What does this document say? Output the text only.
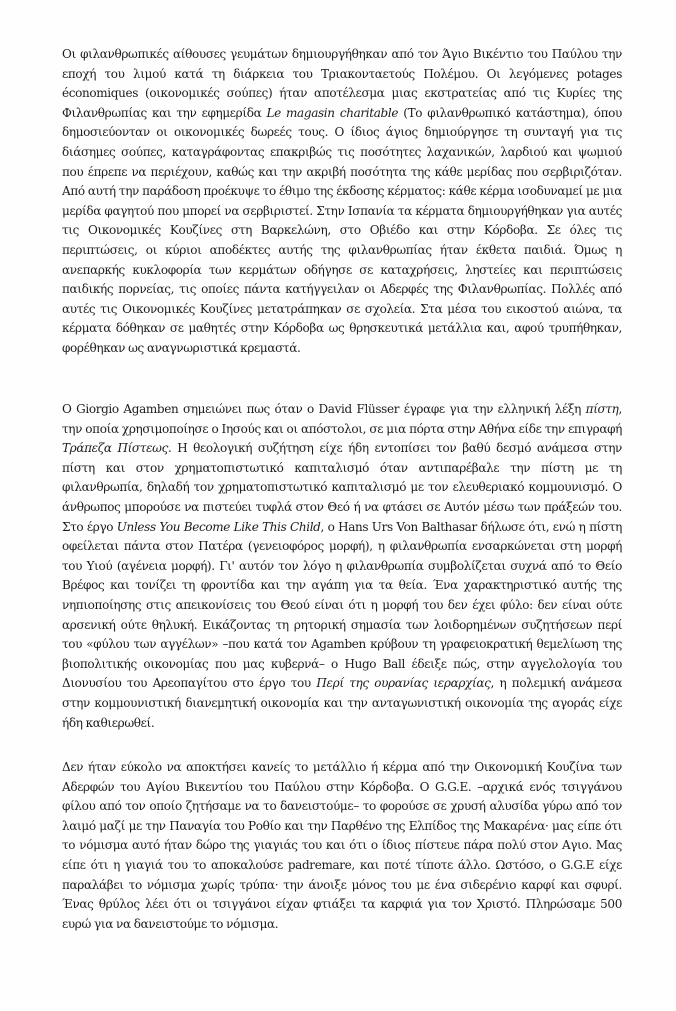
Οι φιλανθρωπικές αίθουσες γευμάτων δημιουργήθηκαν από τον Άγιο Βικέντιο του Παύλου την εποχή του λιμού κατά τη διάρκεια του Τριακονταετούς Πολέμου. Οι λεγόμενες potages économiques (οικονομικές σούπες) ήταν αποτέλεσμα μιας εκστρατείας από τις Κυρίες της Φιλανθρωπίας και την εφημερίδα Le magasin charitable (Το φιλανθρωπικό κατάστημα), όπου δημοσιεύονταν οι οικονομικές δωρεές τους. Ο ίδιος άγιος δημιούργησε τη συνταγή για τις διάσημες σούπες, καταγράφοντας επακριβώς τις ποσότητες λαχανικών, λαρδιού και ψωμιού που έπρεπε να περιέχουν, καθώς και την ακριβή ποσότητα της κάθε μερίδας που σερβιριζόταν. Από αυτή την παράδοση προέκυψε το έθιμο της έκδοσης κέρματος: κάθε κέρμα ισοδυναμεί με μια μερίδα φαγητού που μπορεί να σερβιριστεί. Στην Ισπανία τα κέρματα δημιουργήθηκαν για αυτές τις Οικονομικές Κουζίνες στη Βαρκελώνη, στο Οβιέδο και στην Κόρδοβα. Σε όλες τις περιπτώσεις, οι κύριοι αποδέκτες αυτής της φιλανθρωπίας ήταν έκθετα παιδιά. Όμως η ανεπαρκής κυκλοφορία των κερμάτων οδήγησε σε καταχρήσεις, ληστείες και περιπτώσεις παιδικής πορνείας, τις οποίες πάντα κατήγγειλαν οι Αδερφές της Φιλανθρωπίας. Πολλές από αυτές τις Οικονομικές Κουζίνες μετατράπηκαν σε σχολεία. Στα μέσα του εικοστού αιώνα, τα κέρματα δόθηκαν σε μαθητές στην Κόρδοβα ως θρησκευτικά μετάλλια και, αφού τρυπήθηκαν, φορέθηκαν ως αναγνωριστικά κρεμαστά.

Ο Giorgio Agamben σημειώνει πως όταν ο David Flüsser έγραφε για την ελληνική λέξη πίστη, την οποία χρησιμοποίησε ο Ιησούς και οι απόστολοι, σε μια πόρτα στην Αθήνα είδε την επιγραφή Τράπεζα Πίστεως. Η θεολογική συζήτηση είχε ήδη εντοπίσει τον βαθύ δεσμό ανάμεσα στην πίστη και στον χρηματοπιστωτικό καπιταλισμό όταν αντιπαρέβαλε την πίστη με τη φιλανθρωπία, δηλαδή τον χρηματοπιστωτικό καπιταλισμό με τον ελευθεριακό κομμουνισμό. Ο άνθρωπος μπορούσε να πιστεύει τυφλά στον Θεό ή να φτάσει σε Αυτόν μέσω των πράξεών του. Στο έργο Unless You Become Like This Child, ο Hans Urs Von Balthasar δήλωσε ότι, ενώ η πίστη οφείλεται πάντα στον Πατέρα (γενειοφόρος μορφή), η φιλανθρωπία ενσαρκώνεται στη μορφή του Υιού (αγένεια μορφή). Γι' αυτόν τον λόγο η φιλανθρωπία συμβολίζεται συχνά από το Θείο Βρέφος και τονίζει τη φροντίδα και την αγάπη για τα θεία. Ένα χαρακτηριστικό αυτής της νηπιοποίησης στις απεικονίσεις του Θεού είναι ότι η μορφή του δεν έχει φύλο: δεν είναι ούτε αρσενική ούτε θηλυκή. Εικάζοντας τη ρητορική σημασία των λοιδορημένων συζητήσεων περί του «φύλου των αγγέλων» –που κατά τον Agamben κρύβουν τη γραφειοκρατική θεμελίωση της βιοπολιτικής οικονομίας που μας κυβερνά– ο Hugo Ball έδειξε πώς, στην αγγελολογία του Διονυσίου του Αρεοπαγίτου στο έργο του Περί της ουρανίας ιεραρχίας, η πολεμική ανάμεσα στην κομμουνιστική διανεμητική οικονομία και την ανταγωνιστική οικονομία της αγοράς είχε ήδη καθιερωθεί.

Δεν ήταν εύκολο να αποκτήσει κανείς το μετάλλιο ή κέρμα από την Οικονομική Κουζίνα των Αδερφών του Αγίου Βικεντίου του Παύλου στην Κόρδοβα. Ο G.G.E. –αρχικά ενός τσιγγάνου φίλου από τον οποίο ζητήσαμε να το δανειστούμε– το φορούσε σε χρυσή αλυσίδα γύρω από τον λαιμό μαζί με την Παναγία του Ροθίο και την Παρθένο της Ελπίδος της Μακαρένα· μας είπε ότι το νόμισμα αυτό ήταν δώρο της γιαγιάς του και ότι ο ίδιος πίστευε πάρα πολύ στον Αγιο. Μας είπε ότι η γιαγιά του το αποκαλούσε padremare, και ποτέ τίποτε άλλο. Ωστόσο, ο G.G.E είχε παραλάβει το νόμισμα χωρίς τρύπα· την άνοιξε μόνος του με ένα σιδερένιο καρφί και σφυρί. Ένας θρύλος λέει ότι οι τσιγγάνοι είχαν φτιάξει τα καρφιά για τον Χριστό. Πληρώσαμε 500 ευρώ για να δανειστούμε το νόμισμα.
